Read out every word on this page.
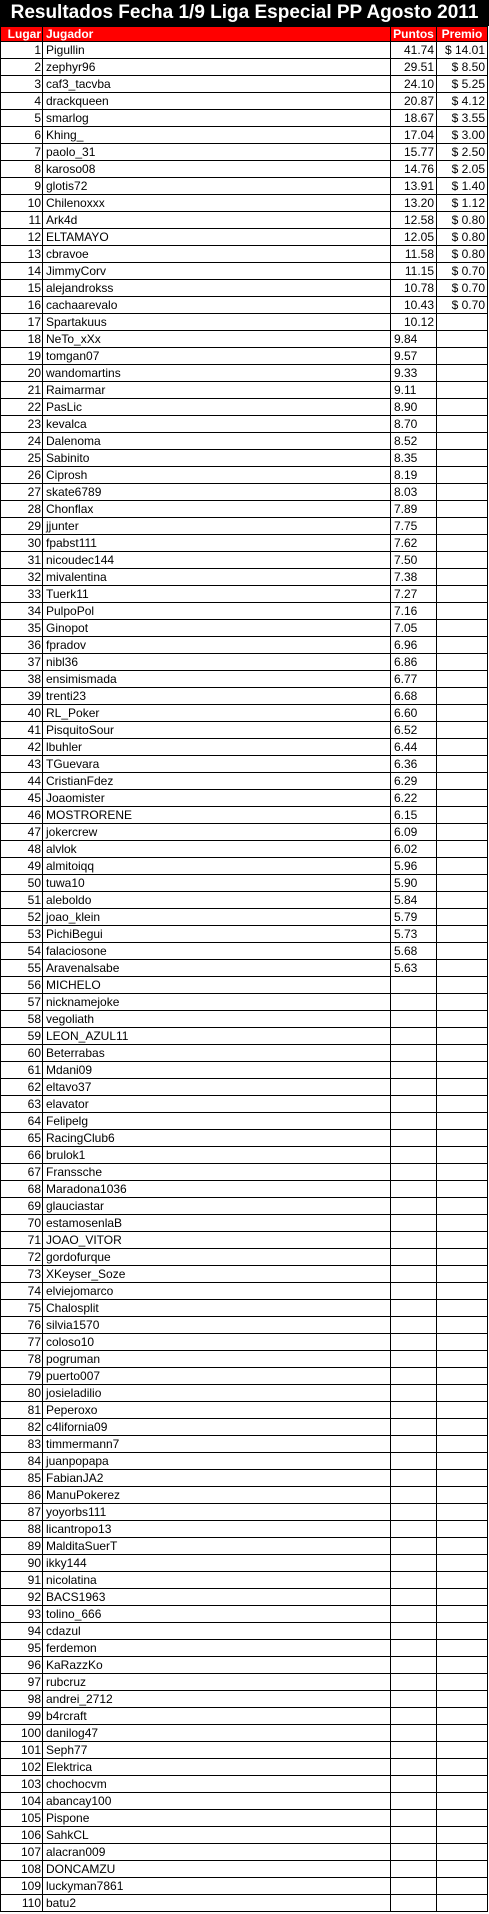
Resultados Fecha 1/9 Liga Especial PP Agosto 2011
Lugar	Jugador	Puntos	Premio
1	Pigullin	41.74	$ 14.01
2	zephyr96	29.51	$ 8.50
3	caf3_tacvba	24.10	$ 5.25
4	drackqueen	20.87	$ 4.12
5	smarlog	18.67	$ 3.55
6	Khing_	17.04	$ 3.00
7	paolo_31	15.77	$ 2.50
8	karoso08	14.76	$ 2.05
9	glotis72	13.91	$ 1.40
10	Chilenoxxx	13.20	$ 1.12
11	Ark4d	12.58	$ 0.80
12	ELTAMAYO	12.05	$ 0.80
13	cbravoe	11.58	$ 0.80
14	JimmyCorv	11.15	$ 0.70
15	alejandrokss	10.78	$ 0.70
16	cachaarevalo	10.43	$ 0.70
17	Spartakuus	10.12	
18	NeTo_xXx	9.84	
19	tomgan07	9.57	
20	wandomartins	9.33	
21	Raimarmar	9.11	
22	PasLic	8.90	
23	kevalca	8.70	
24	Dalenoma	8.52	
25	Sabinito	8.35	
26	Ciprosh	8.19	
27	skate6789	8.03	
28	Chonflax	7.89	
29	jjunter	7.75	
30	fpabst111	7.62	
31	nicoudec144	7.50	
32	mivalentina	7.38	
33	Tuerk11	7.27	
34	PulpoPol	7.16	
35	Ginopot	7.05	
36	fpradov	6.96	
37	nibl36	6.86	
38	ensimismada	6.77	
39	trenti23	6.68	
40	RL_Poker	6.60	
41	PisquitoSour	6.52	
42	lbuhler	6.44	
43	TGuevara	6.36	
44	CristianFdez	6.29	
45	Joaomister	6.22	
46	MOSTRORENE	6.15	
47	jokercrew	6.09	
48	alvlok	6.02	
49	almitoiqq	5.96	
50	tuwa10	5.90	
51	aleboldo	5.84	
52	joao_klein	5.79	
53	PichiBegui	5.73	
54	falaciosone	5.68	
55	Aravenalsabe	5.63	
56	MICHELO		
57	nicknamejoke		
58	vegoliath		
59	LEON_AZUL11		
60	Beterrabas		
61	Mdani09		
62	eltavo37		
63	elavator		
64	Felipelg		
65	RacingClub6		
66	brulok1		
67	Franssche		
68	Maradona1036		
69	glauciastar		
70	estamosenlaB		
71	JOAO_VITOR		
72	gordofurque		
73	XKeyser_Soze		
74	elviejomarco		
75	Chalosplit		
76	silvia1570		
77	coloso10		
78	pogruman		
79	puerto007		
80	josieladilio		
81	Peperoxo		
82	c4lifornia09		
83	timmermann7		
84	juanpopapa		
85	FabianJA2		
86	ManuPokerez		
87	yoyorbs111		
88	licantropo13		
89	MalditaSuerT		
90	ikky144		
91	nicolatina		
92	BACS1963		
93	tolino_666		
94	cdazul		
95	ferdemon		
96	KaRazzKo		
97	rubcruz		
98	andrei_2712		
99	b4rcraft		
100	danilog47		
101	Seph77		
102	Elektrica		
103	chochocvm		
104	abancay100		
105	Pispone		
106	SahkCL		
107	alacran009		
108	DONCAMZU		
109	luckyman7861		
110	batu2		
